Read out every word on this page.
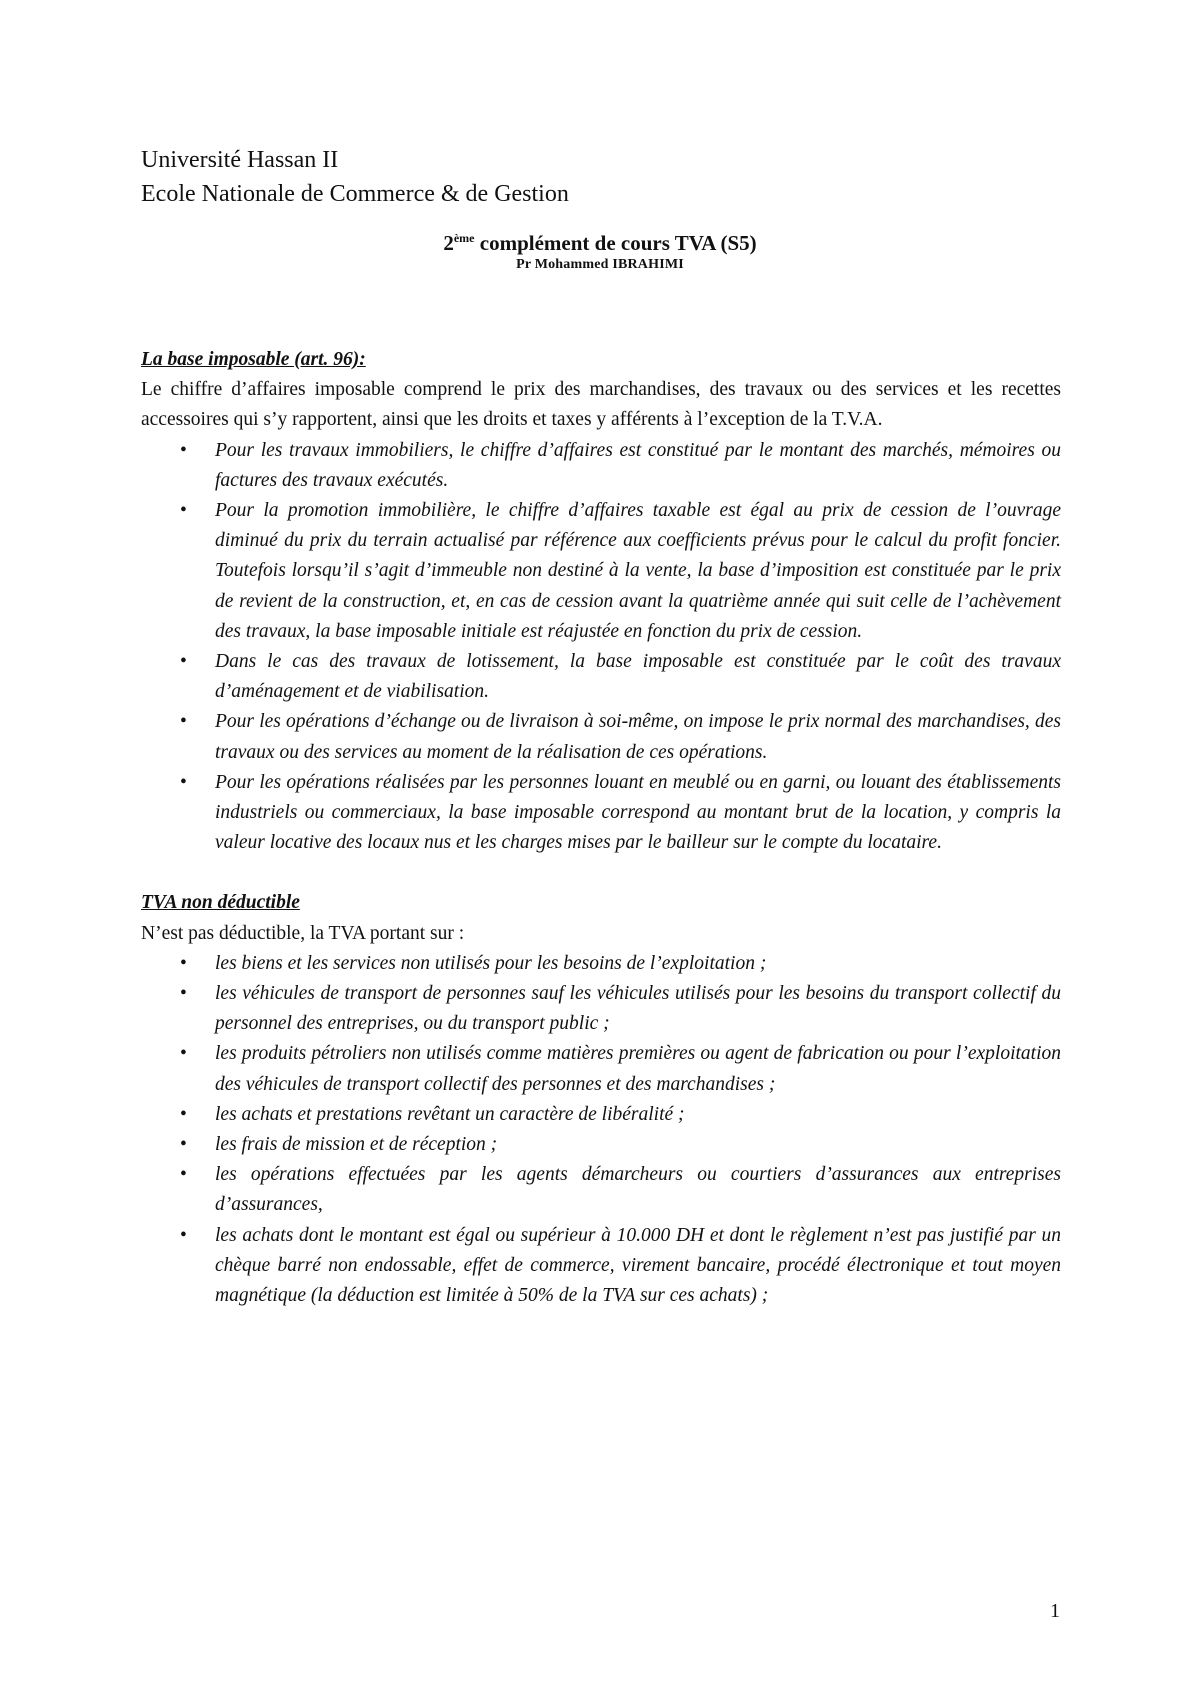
Université Hassan II
Ecole Nationale de Commerce & de Gestion
2ème complément de cours TVA (S5)
Pr Mohammed IBRAHIMI
La base imposable (art. 96):

Le chiffre d’affaires imposable comprend le prix des marchandises, des travaux ou des services et les recettes accessoires qui s’y rapportent, ainsi que les droits et taxes y afférents à l’exception de la T.V.A.

• Pour les travaux immobiliers, le chiffre d’affaires est constitué par le montant des marchés, mémoires ou factures des travaux exécutés.
• Pour la promotion immobilière, le chiffre d’affaires taxable est égal au prix de cession de l’ouvrage diminué du prix du terrain actualisé par référence aux coefficients prévus pour le calcul du profit foncier. Toutefois lorsqu’il s’agit d’immeuble non destiné à la vente, la base d’imposition est constituée par le prix de revient de la construction, et, en cas de cession avant la quatrième année qui suit celle de l’achèvement des travaux, la base imposable initiale est réajustée en fonction du prix de cession.
• Dans le cas des travaux de lotissement, la base imposable est constituée par le coût des travaux d’aménagement et de viabilisation.
• Pour les opérations d’échange ou de livraison à soi-même, on impose le prix normal des marchandises, des travaux ou des services au moment de la réalisation de ces opérations.
• Pour les opérations réalisées par les personnes louant en meublé ou en garni, ou louant des établissements industriels ou commerciaux, la base imposable correspond au montant brut de la location, y compris la valeur locative des locaux nus et les charges mises par le bailleur sur le compte du locataire.
TVA non déductible

N’est pas déductible, la TVA portant sur :

• les biens et les services non utilisés pour les besoins de l’exploitation ;
• les véhicules de transport de personnes sauf les véhicules utilisés pour les besoins du transport collectif du personnel des entreprises, ou du transport public ;
• les produits pétroliers non utilisés comme matières premières ou agent de fabrication ou pour l’exploitation des véhicules de transport collectif des personnes et des marchandises ;
• les achats et prestations revêtant un caractère de libéralité ;
• les frais de mission et de réception ;
• les opérations effectuées par les agents démarcheurs ou courtiers d’assurances aux entreprises d’assurances,
• les achats dont le montant est égal ou supérieur à 10.000 DH et dont le règlement n’est pas justifié par un chèque barré non endossable, effet de commerce, virement bancaire, procédé électronique et tout moyen magnétique (la déduction est limitée à 50% de la TVA sur ces achats) ;
1
